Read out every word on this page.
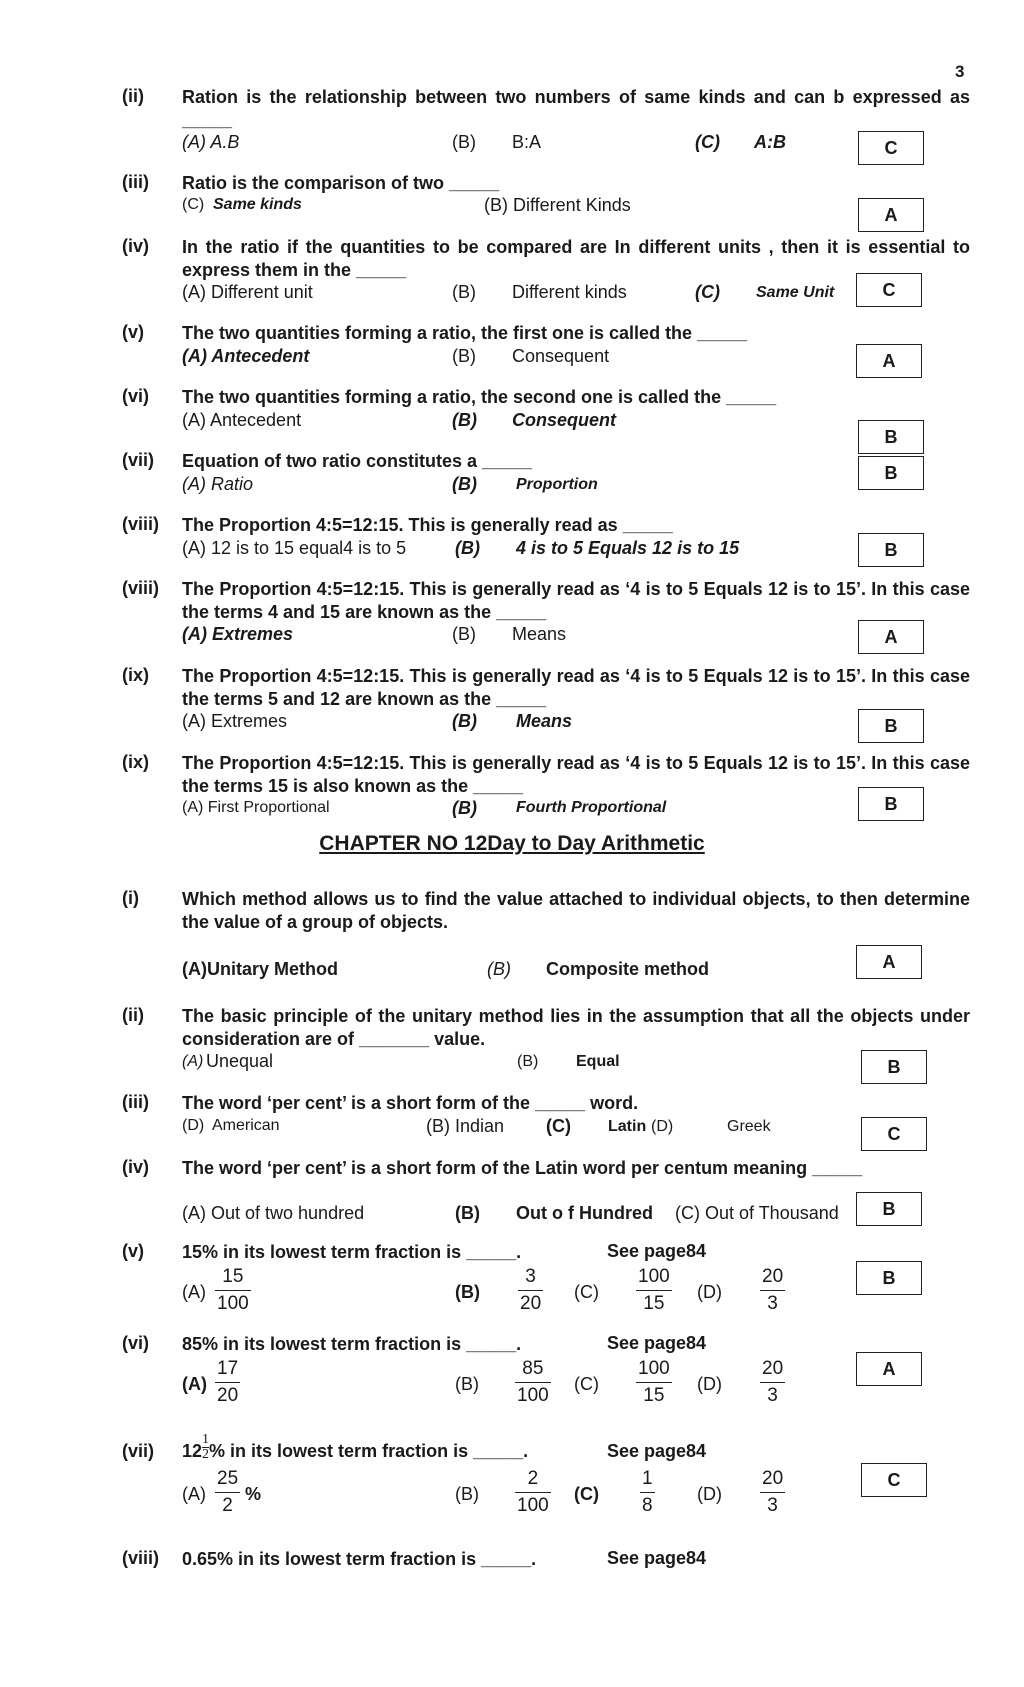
3
(ii) Ration is the relationship between two numbers of same kinds and can b expressed as _____
(A) A.B	(B) B:A	(C) A:B	C
(iii) Ratio is the comparison of two _____
(C) Same kinds	(B) Different Kinds	A
(iv) In the ratio if the quantities to be compared are In different units , then it is essential to express them in the _____
(A) Different unit	(B) Different kinds	(C) Same Unit	C
(v) The two quantities forming a ratio, the first one is called the _____
(A) Antecedent	(B) Consequent	A
(vi) The two quantities forming a ratio, the second one is called the _____
(A) Antecedent	(B) Consequent
B
(vii) Equation of two ratio constitutes a _____
(A) Ratio	(B) Proportion
B
(viii) The Proportion 4:5=12:15. This is generally read as _____
(A) 12 is to 15 equal4 is to 5	(B) 4 is to 5 Equals 12 is to 15	B
(viii) The Proportion 4:5=12:15. This is generally read as ‘4 is to 5 Equals 12 is to 15’. In this case the terms 4 and 15 are known as the _____
(A) Extremes	(B) Means	A
(ix) The Proportion 4:5=12:15. This is generally read as ‘4 is to 5 Equals 12 is to 15’. In this case the terms 5 and 12 are known as the _____
(A) Extremes	(B) Means	B
(ix) The Proportion 4:5=12:15. This is generally read as ‘4 is to 5 Equals 12 is to 15’. In this case the terms 15 is also known as the _____
(A) First Proportional	(B) Fourth Proportional	B
CHAPTER NO 12Day to Day Arithmetic
(i) Which method allows us to find the value attached to individual objects, to then determine the value of a group of objects.
(A)Unitary Method	(B) Composite method	A
(ii) The basic principle of the unitary method lies in the assumption that all the objects under consideration are of _______ value.
(A) Unequal	(B) Equal	B
(iii) The word ‘per cent’ is a short form of the _____ word.
(D) American	(B) Indian (C) Latin (D)	Greek	C
(iv) The word ‘per cent’ is a short form of the Latin word per centum meaning _____
(A) Out of two hundred	(B) Out o f Hundred (C) Out of Thousand	B
(v) 15% in its lowest term fraction is _____.	See page84
(A)
15
100
(B)
3
20
(C)
100
15
(D)
20
3
B
(vi) 85% in its lowest term fraction is _____.	See page84
(A)
17
20
(B)
85
100
(C)
100
15
(D)
20
3
A
(vii) 12
1
2 % in its lowest term fraction is _____.	See page84
(A)
25
2
%	(B)
2
100
(C)
1
8
(D)
20
3
C
(viii) 0.65% in its lowest term fraction is _____.	See page84
